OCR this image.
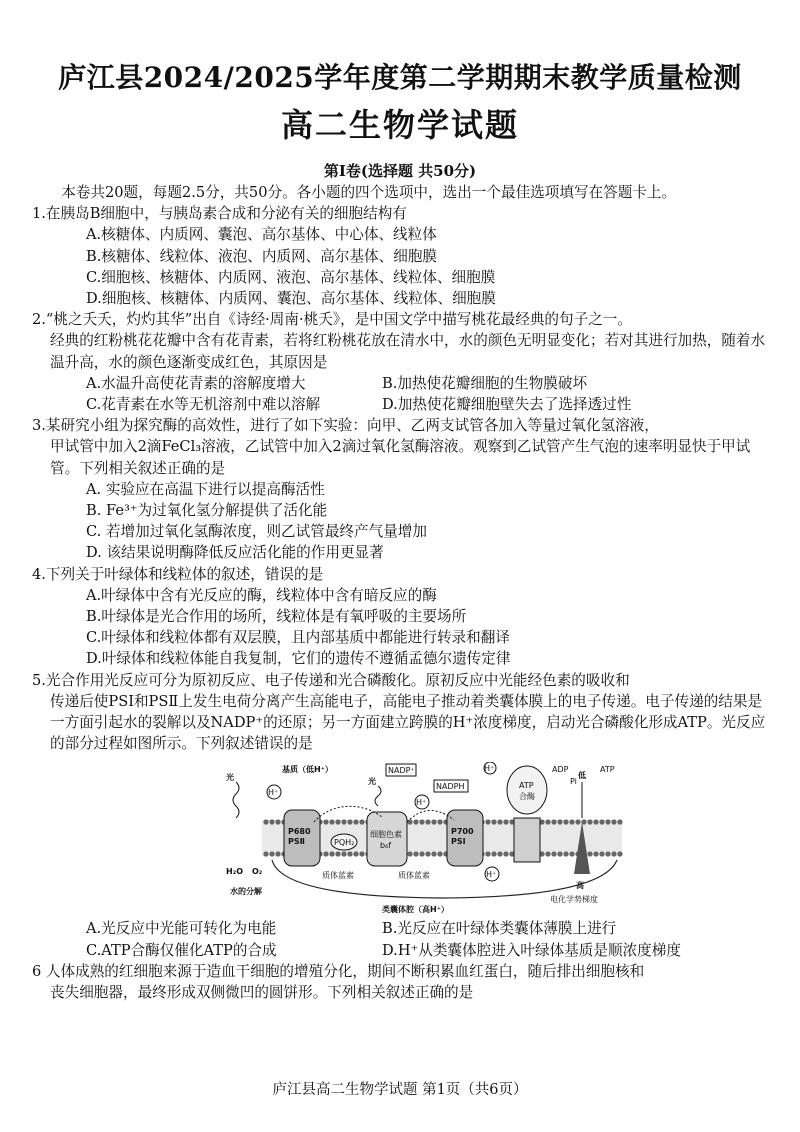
庐江县2024/2025学年度第二学期期末教学质量检测
高二生物学试题
第Ⅰ卷(选择题 共50分)

本卷共20题，每题2.5分，共50分。各小题的四个选项中，选出一个最佳选项填写在答题卡上。

1.在胰岛B细胞中，与胰岛素合成和分泌有关的细胞结构有

A.核糖体、内质网、囊泡、高尔基体、中心体、线粒体

B.核糖体、线粒体、液泡、内质网、高尔基体、细胞膜

C.细胞核、核糖体、内质网、液泡、高尔基体、线粒体、细胞膜

D.细胞核、核糖体、内质网、囊泡、高尔基体、线粒体、细胞膜

2.“桃之夭夭，灼灼其华”出自《诗经·周南·桃夭》，是中国文学中描写桃花最经典的句子之一。

经典的红粉桃花花瓣中含有花青素，若将红粉桃花放在清水中，水的颜色无明显变化；若对其进行加热，随着水温升高，水的颜色逐渐变成红色，其原因是

A.水温升高使花青素的溶解度增大	B.加热使花瓣细胞的生物膜破坏
C.花青素在水等无机溶剂中难以溶解	D.加热使花瓣细胞壁失去了选择透过性

3.某研究小组为探究酶的高效性，进行了如下实验：向甲、乙两支试管各加入等量过氧化氢溶液，

甲试管中加入2滴FeCl₃溶液，乙试管中加入2滴过氧化氢酶溶液。观察到乙试管产生气泡的速率明显快于甲试管。下列相关叙述正确的是

A. 实验应在高温下进行以提高酶活性

B. Fe³⁺为过氧化氢分解提供了活化能

C. 若增加过氧化氢酶浓度，则乙试管最终产气量增加

D. 该结果说明酶降低反应活化能的作用更显著

4.下列关于叶绿体和线粒体的叙述，错误的是

A.叶绿体中含有光反应的酶，线粒体中含有暗反应的酶

B.叶绿体是光合作用的场所，线粒体是有氧呼吸的主要场所

C.叶绿体和线粒体都有双层膜，且内部基质中都能进行转录和翻译

D.叶绿体和线粒体能自我复制，它们的遗传不遵循孟德尔遗传定律

5.光合作用光反应可分为原初反应、电子传递和光合磷酸化。原初反应中光能经色素的吸收和

传递后使PSI和PSⅡ上发生电荷分离产生高能电子，高能电子推动着类囊体膜上的电子传递。电子传递的结果是一方面引起水的裂解以及NADP⁺的还原；另一方面建立跨膜的H⁺浓度梯度，启动光合磷酸化形成ATP。光反应的部分过程如图所示。下列叙述错误的是

P680
PSⅡ	PQH₂
细胞色素
b₆f
P700
PSⅠ
ATP
合酶
低
高
电化学势梯度
光	光
基质（低H⁺）
H⁺
H⁺
H⁺
H⁺
NADP⁺
NADPH
ADP
Pi
ATP
H₂O O₂
水的分解
质体蓝素	质体蓝素
类囊体腔（高H⁺）
A.光反应中光能可转化为电能	B.光反应在叶绿体类囊体薄膜上进行
C.ATP合酶仅催化ATP的合成	D.H⁺从类囊体腔进入叶绿体基质是顺浓度梯度

6 人体成熟的红细胞来源于造血干细胞的增殖分化，期间不断积累血红蛋白，随后排出细胞核和

丧失细胞器，最终形成双侧微凹的圆饼形。下列相关叙述正确的是

庐江县高二生物学试题 第1页（共6页）
